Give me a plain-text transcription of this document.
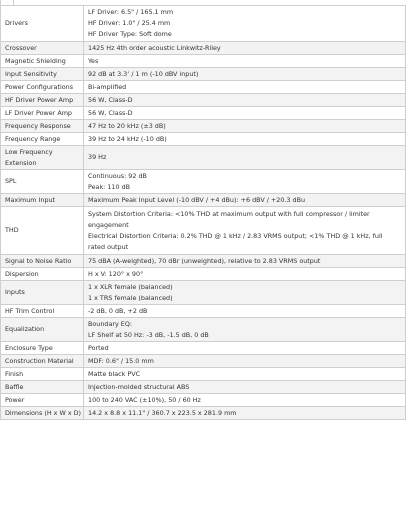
Drivers	LF Driver: 6.5" / 165.1 mm
HF Driver: 1.0" / 25.4 mm
HF Driver Type: Soft dome

Crossover	1425 Hz 4th order acoustic Linkwitz-Riley

Magnetic Shielding	Yes

Input Sensitivity	92 dB at 3.3’ / 1 m (-10 dBV input)

Power Configurations	Bi-amplified

HF Driver Power Amp	56 W, Class-D

LF Driver Power Amp	56 W, Class-D

Frequency Response	47 Hz to 20 kHz (±3 dB)

Frequency Range	39 Hz to 24 kHz (-10 dB)

Low Frequency Extension	39 Hz

SPL	Continuous: 92 dB
Peak: 110 dB

Maximum Input	Maximum Peak Input Level (-10 dBV / +4 dBu): +6 dBV / +20.3 dBu

THD	System Distortion Criteria: <10% THD at maximum output with full compressor / limiter engagement
Electrical Distortion Criteria: 0.2% THD @ 1 kHz / 2.83 VRMS output; <1% THD @ 1 kHz, full rated output

Signal to Noise Ratio	75 dBA (A-weighted), 70 dBr (unweighted), relative to 2.83 VRMS output

Dispersion	H x V: 120° x 90°

Inputs	1 x XLR female (balanced)
1 x TRS female (balanced)

HF Trim Control	-2 dB, 0 dB, +2 dB

Equalization	Boundary EQ:
LF Shelf at 50 Hz: -3 dB, -1.5 dB, 0 dB

Enclosure Type	Ported

Construction Material	MDF: 0.6" / 15.0 mm

Finish	Matte black PVC

Baffle	Injection-molded structural ABS

Power	100 to 240 VAC (±10%), 50 / 60 Hz

Dimensions (H x W x D)	14.2 x 8.8 x 11.1" / 360.7 x 223.5 x 281.9 mm
